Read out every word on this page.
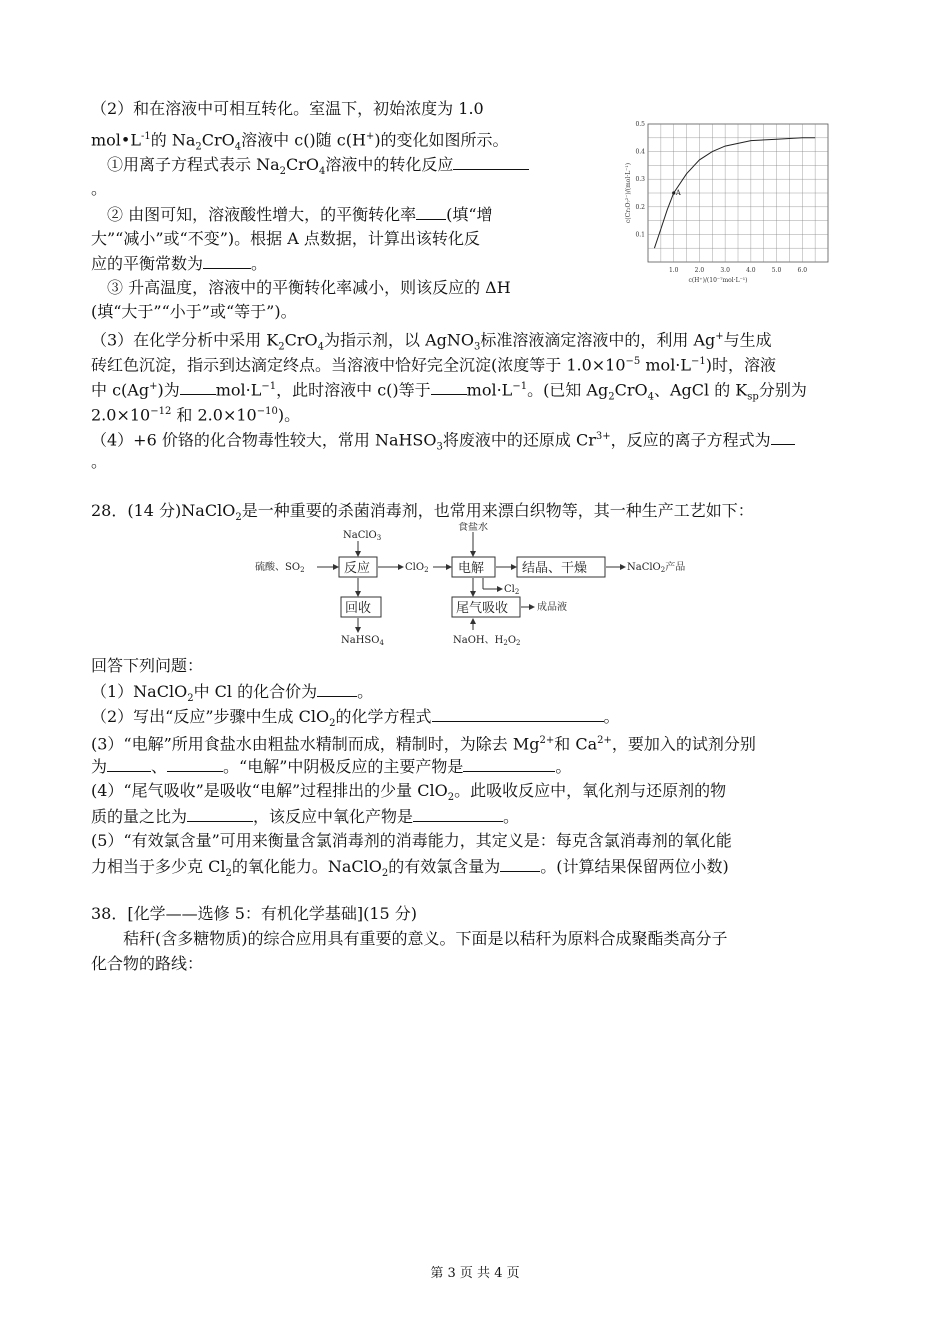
（2）和在溶液中可相互转化。室温下，初始浓度为 1.0
$mol•L^{-1}$的 $Na_2CrO_4$溶液中 c()随 c(H+)的变化如图所示。
①用离子方程式表示 $Na_2CrO_4$溶液中的转化反应
。
② 由图可知，溶液酸性增大，的平衡转化率 (填“增
大”“减小”或“不变”)。根据 A 点数据，计算出该转化反
应的平衡常数为	。
③ 升高温度，溶液中的平衡转化率减小，则该反应的 ΔH
(填“大于”“小于”或“等于”)。
1.0	2.0	3.0	4.0	5.0	6.0
0.1
0.2
0.3
0.4
0.5
c(H⁺)/(10⁻⁷mol·L⁻¹)
c(Cr₂O₇²⁻)/(mol·L⁻¹)	A
（3）在化学分析中采用 $K_2CrO_4$为指示剂，以 AgNO$_3$标准溶液滴定溶液中的，利用 Ag+与生成
砖红色沉淀，指示到达滴定终点。当溶液中恰好完全沉淀(浓度等于 $1.0\times 10^{-5}$ $mol\cdot L^{-1}$)时，溶液
中 c(Ag+)为 $mol\cdot L^{-1}$，此时溶液中 c()等于 $mol\cdot L^{-1}$。(已知 $Ag_2CrO_4$、AgCl 的 $K_{sp}$分别为
$2.0\times 10^{-12}$ 和 $2.0\times 10^{-10}$)。
（4）+6 价铬的化合物毒性较大，常用 NaHSO$_3$将废液中的还原成 $Cr^{3+}$，反应的离子方程式为
。
28．(14 分)NaClO$_2$是一种重要的杀菌消毒剂，也常用来漂白织物等，其一种生产工艺如下：
硫酸、$SO_2$
NaClO$_3$
食盐水
反应	ClO$_2$ 电解	结晶、干燥	NaClO$_2$产品
$Cl_2$
回收	尾气吸收	成品液
NaHSO$_4$	NaOH、$H_2O_2$
回答下列问题：
（1）NaClO$_2$中 Cl 的化合价为	。
（2）写出“反应”步骤中生成 ClO$_2$的化学方程式	。
(3）“电解”所用食盐水由粗盐水精制而成，精制时，为除去 $Mg^{2+}$和 $Ca^{2+}$，要加入的试剂分别
为	、	。“电解”中阴极反应的主要产物是	。
(4）“尾气吸收”是吸收“电解”过程排出的少量 ClO$_2$。此吸收反应中，氧化剂与还原剂的物
质的量之比为	，该反应中氧化产物是	。
(5）“有效氯含量”可用来衡量含氯消毒剂的消毒能力，其定义是：每克含氯消毒剂的氧化能
力相当于多少克 $Cl_2$的氧化能力。NaClO$_2$的有效氯含量为	。(计算结果保留两位小数)
38．[化学——选修 5：有机化学基础](15 分)
秸秆(含多糖物质)的综合应用具有重要的意义。下面是以秸秆为原料合成聚酯类高分子
化合物的路线：
第 3 页 共 4 页
